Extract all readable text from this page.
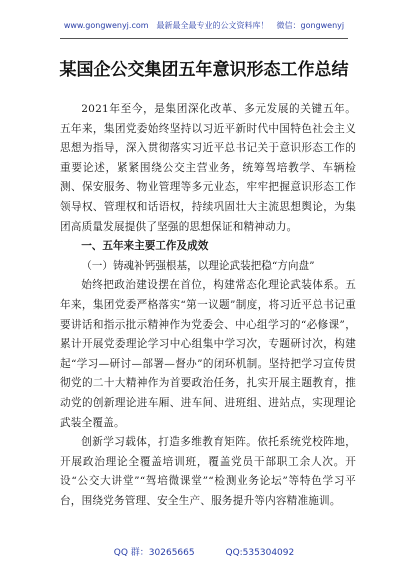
www.gongwenyj.com　最新最全最专业的公文资料库！　微信：gongwenyj
某国企公交集团五年意识形态工作总结

2021年至今，是集团深化改革、多元发展的关键五年。五年来，集团党委始终坚持以习近平新时代中国特色社会主义思想为指导，深入贯彻落实习近平总书记关于意识形态工作的重要论述，紧紧围绕公交主营业务，统筹驾培教学、车辆检测、保安服务、物业管理等多元业态，牢牢把握意识形态工作领导权、管理权和话语权，持续巩固壮大主流思想舆论，为集团高质量发展提供了坚强的思想保证和精神动力。

一、五年来主要工作及成效

（一）铸魂补钙强根基，以理论武装把稳“方向盘”

始终把政治建设摆在首位，构建常态化理论武装体系。五年来，集团党委严格落实“第一议题”制度，将习近平总书记重要讲话和指示批示精神作为党委会、中心组学习的“必修课”，累计开展党委理论学习中心组集中学习次，专题研讨次，构建起“学习—研讨—部署—督办”的闭环机制。坚持把学习宣传贯彻党的二十大精神作为首要政治任务，扎实开展主题教育，推动党的创新理论进车厢、进车间、进班组、进站点，实现理论武装全覆盖。

创新学习载体，打造多维教育矩阵。依托系统党校阵地，开展政治理论全覆盖培训班，覆盖党员干部职工余人次。开设“公交大讲堂”“驾培微课堂”“检测业务论坛”等特色学习平台，围绕党务管理、安全生产、服务提升等内容精准施训。

QQ 群：30265665	QQ:535304092
